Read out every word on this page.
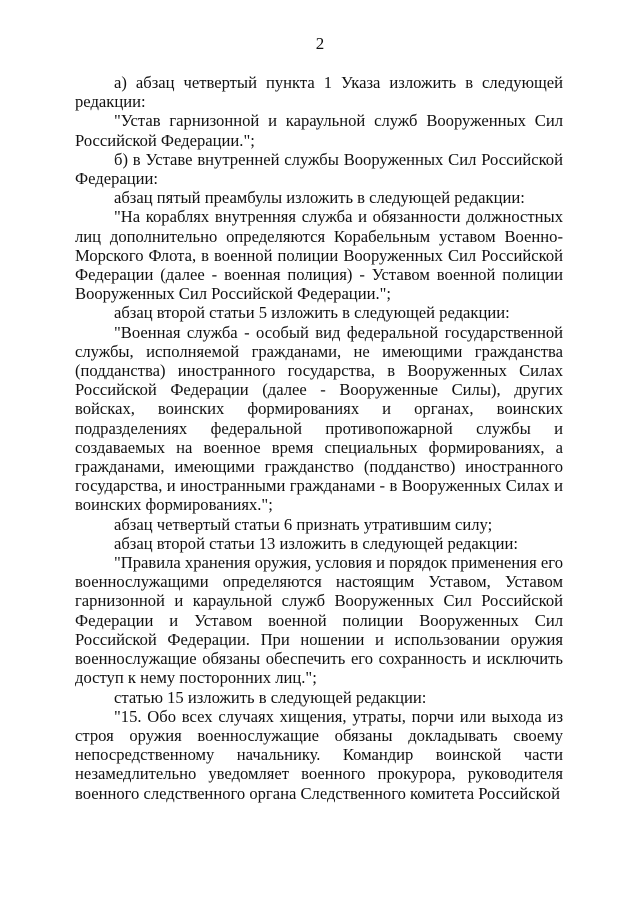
2

а) абзац четвертый пункта 1 Указа изложить в следующей редакции:

"Устав гарнизонной и караульной служб Вооруженных Сил Российской Федерации.";

б) в Уставе внутренней службы Вооруженных Сил Российской Федерации:

абзац пятый преамбулы изложить в следующей редакции:

"На кораблях внутренняя служба и обязанности должностных лиц дополнительно определяются Корабельным уставом Военно-Морского Флота, в военной полиции Вооруженных Сил Российской Федерации (далее - военная полиция) - Уставом военной полиции Вооруженных Сил Российской Федерации.";

абзац второй статьи 5 изложить в следующей редакции:

"Военная служба - особый вид федеральной государственной службы, исполняемой гражданами, не имеющими гражданства (подданства) иностранного государства, в Вооруженных Силах Российской Федерации (далее - Вооруженные Силы), других войсках, воинских формированиях и органах, воинских подразделениях федеральной противопожарной службы и создаваемых на военное время специальных формированиях, а гражданами, имеющими гражданство (подданство) иностранного государства, и иностранными гражданами - в Вооруженных Силах и воинских формированиях.";

абзац четвертый статьи 6 признать утратившим силу;

абзац второй статьи 13 изложить в следующей редакции:

"Правила хранения оружия, условия и порядок применения его военнослужащими определяются настоящим Уставом, Уставом гарнизонной и караульной служб Вооруженных Сил Российской Федерации и Уставом военной полиции Вооруженных Сил Российской Федерации. При ношении и использовании оружия военнослужащие обязаны обеспечить его сохранность и исключить доступ к нему посторонних лиц.";

статью 15 изложить в следующей редакции:

"15. Обо всех случаях хищения, утраты, порчи или выхода из строя оружия военнослужащие обязаны докладывать своему непосредственному начальнику. Командир воинской части незамедлительно уведомляет военного прокурора, руководителя военного следственного органа Следственного комитета Российской
